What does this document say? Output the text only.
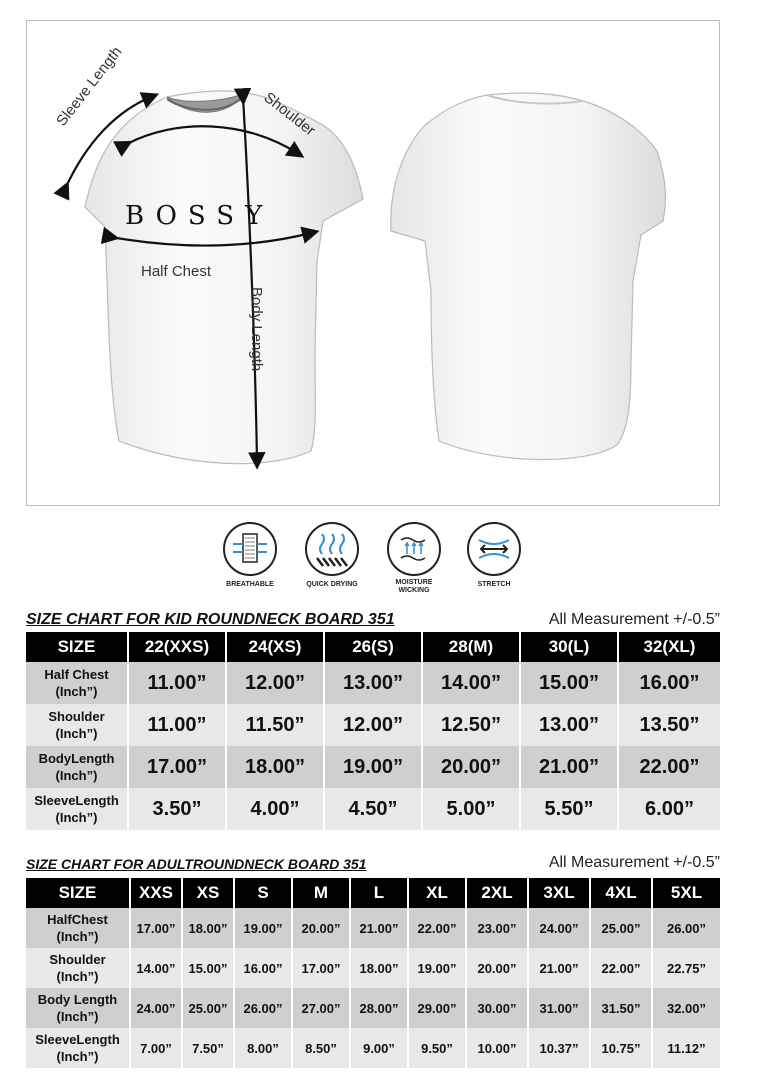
Sleeve Length	Shoulder
Half Chest
Body Length
BOSSY
BREATHABLE	QUICK DRYING	MOISTURE WICKING
STRETCH
SIZE CHART FOR KID ROUNDNECK BOARD 351	All Measurement +/-0.5”
SIZE	22(XXS)	24(XS)	26(S)	28(M)	30(L)	32(XL)
Half Chest
(Inch”)	11.00”	12.00”	13.00”	14.00”	15.00”	16.00”
Shoulder
(Inch”)	11.00”	11.50”	12.00”	12.50”	13.00”	13.50”
BodyLength
(Inch”)	17.00”	18.00”	19.00”	20.00”	21.00”	22.00”
SleeveLength
(Inch”)	3.50”	4.00”	4.50”	5.00”	5.50”	6.00”
SIZE CHART FOR ADULTROUNDNECK BOARD 351	All Measurement +/-0.5”
SIZE	XXS	XS	S	M	L	XL	2XL	3XL	4XL	5XL
HalfChest
(Inch”)	17.00”	18.00”	19.00”	20.00”	21.00”	22.00”	23.00”	24.00”	25.00”	26.00”
Shoulder
(Inch”)	14.00”	15.00”	16.00”	17.00”	18.00”	19.00”	20.00”	21.00”	22.00”	22.75”
Body Length
(Inch”)	24.00”	25.00”	26.00”	27.00”	28.00”	29.00”	30.00”	31.00”	31.50”	32.00”
SleeveLength
(Inch”)	7.00”	7.50”	8.00”	8.50”	9.00”	9.50”	10.00”	10.37”	10.75”	11.12”
